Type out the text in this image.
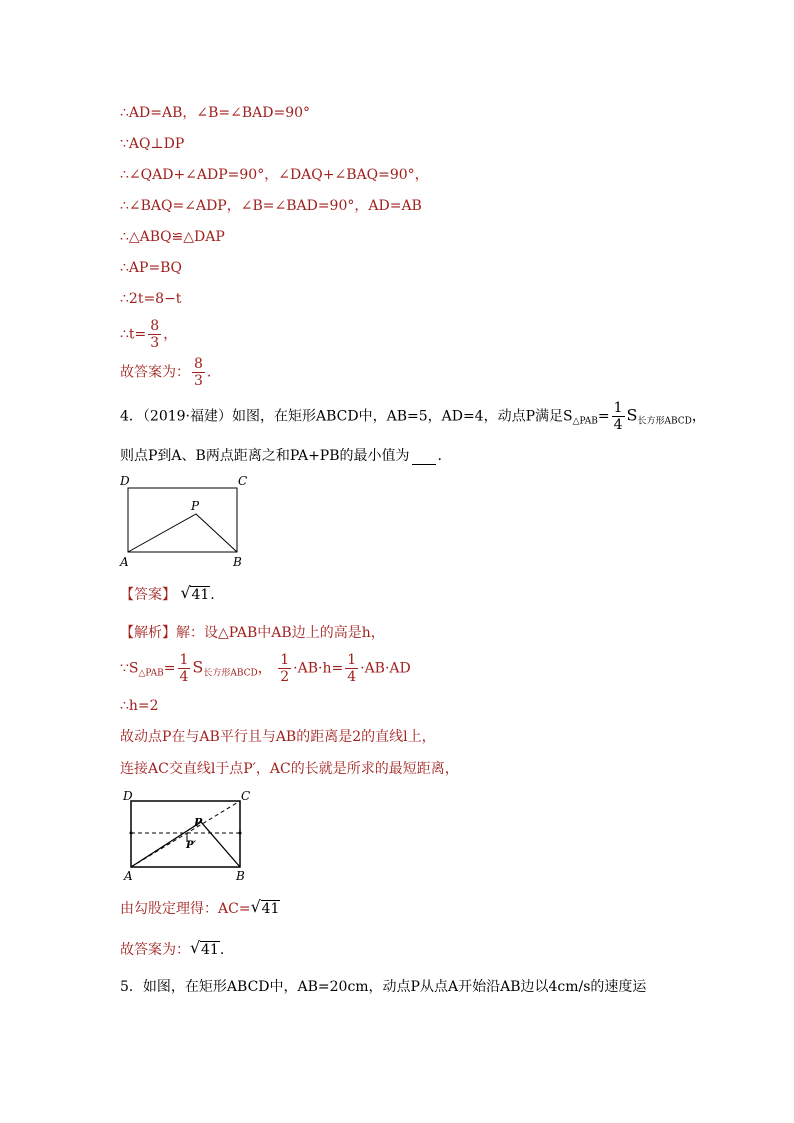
∴AD=AB，∠B=∠BAD=90°
∵AQ⊥DP
∴∠QAD+∠ADP=90°，∠DAQ+∠BAQ=90°，
∴∠BAQ=∠ADP，∠B=∠BAD=90°，AD=AB
∴△ABQ≌△DAP
∴AP=BQ
∴2t=8−t
∴t= $\frac{8}{3}$ ，
故答案为： $\frac{8}{3}$ .
4．（2019·福建）如图，在矩形ABCD中，AB=5，AD=4，动点P满足$S_{\triangle PAB}= \frac{1}{4} S_{长方形ABCD}$，
则点P到A、B两点距离之和PA+PB的最小值为 .
D	C
P
A	B
【答案】 √ 41.
【解析】解：设△PAB中AB边上的高是h，
$\because S_{\triangle PAB}= \frac{1}{4} S_{长方形ABCD}$， $\frac{1}{2} \cdot AB\cdot h= \frac{1}{4} \cdot AB\cdot AD$
∴h=2
故动点P在与AB平行且与AB的距离是2的直线l上，
连接AC交直线l于点P′，AC的长就是所求的最短距离，
D	C
P
P′
A	B
由勾股定理得：AC= √ 41
故答案为： √ 41.
5．如图，在矩形ABCD中，AB=20cm，动点P从点A开始沿AB边以4cm/s的速度运
